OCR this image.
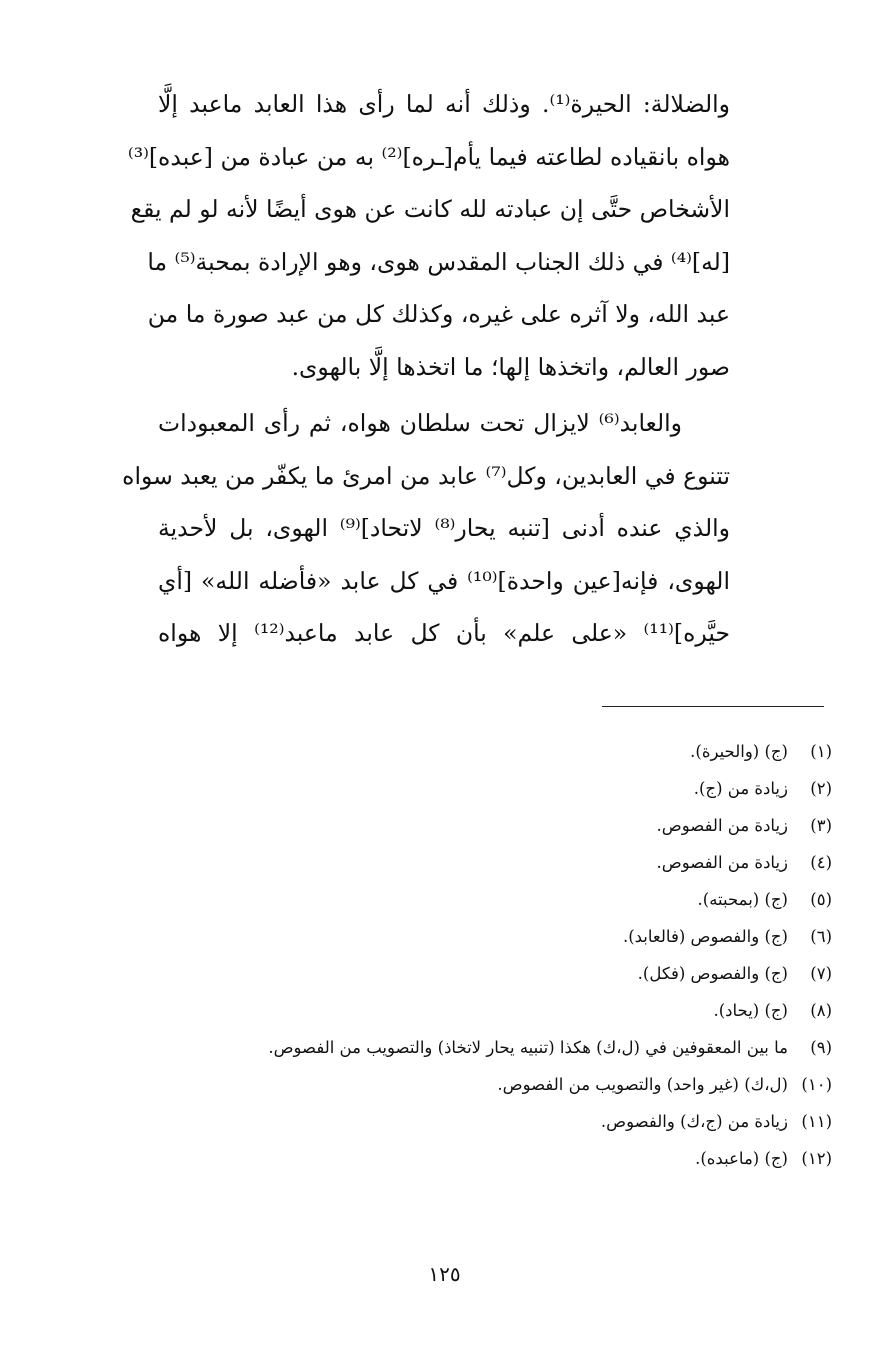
والضلالة: الحيرة⁽¹⁾. وذلك أنه لما رأى هذا العابد ماعبد إلَّا
هواه بانقياده لطاعته فيما يأم[ـره]⁽²⁾ به من عبادة من [عبده]⁽³⁾
الأشخاص حتَّى إن عبادته لله كانت عن هوى أيضًا لأنه لو لم يقع
[له]⁽⁴⁾ في ذلك الجناب المقدس هوى، وهو الإرادة بمحبة⁽⁵⁾ ما
عبد الله، ولا آثره على غيره، وكذلك كل من عبد صورة ما من
صور العالم، واتخذها إلها؛ ما اتخذها إلَّا بالهوى.
والعابد⁽⁶⁾ لايزال تحت سلطان هواه، ثم رأى المعبودات
تتنوع في العابدين، وكل⁽⁷⁾ عابد من امرئ ما يكفّر من يعبد سواه
والذي عنده أدنى [تنبه يحار⁽⁸⁾ لاتحاد]⁽⁹⁾ الهوى، بل لأحدية
الهوى، فإنه[عين واحدة]⁽¹⁰⁾ في كل عابد «فأضله الله» [أي
حيَّره]⁽¹¹⁾ «على علم» بأن كل عابد ماعبد⁽¹²⁾ إلا هواه
(١)
(ج) (والحيرة).
(٢)
زيادة من (ج).
(٣)
زيادة من الفصوص.
(٤)
زيادة من الفصوص.
(٥)
(ج) (بمحبته).
(٦)
(ج) والفصوص (فالعابد).
(٧)
(ج) والفصوص (فكل).
(٨)
(ج) (يحاد).
(٩)
ما بين المعقوفين في (ل،ك) هكذا (تنبيه يحار لاتخاذ) والتصويب من الفصوص.
(١٠)
(ل،ك) (غير واحد) والتصويب من الفصوص.
(١١)
زيادة من (ج،ك) والفصوص.
(١٢)
(ج) (ماعبده).
١٢٥
